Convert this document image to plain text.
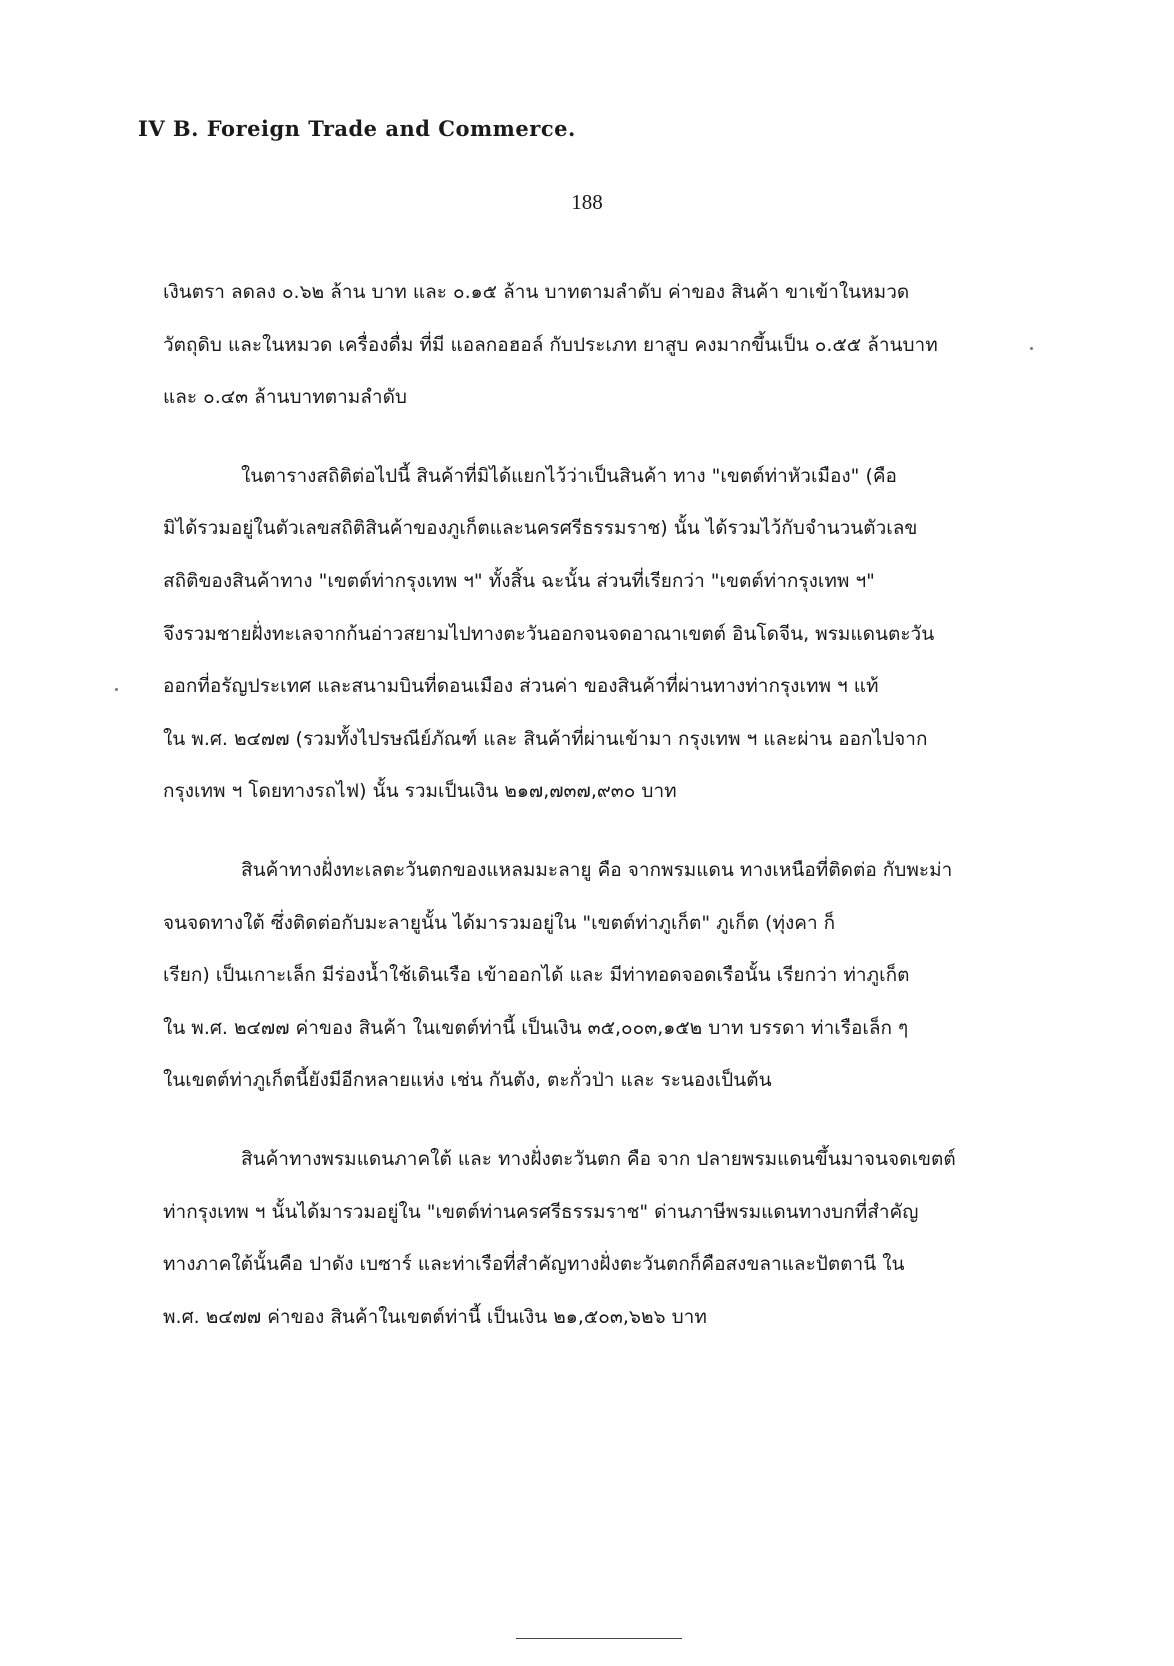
IV B. Foreign Trade and Commerce.
188

เงินตรา ลดลง ๐.๖๒ ล้าน บาท และ ๐.๑๕ ล้าน บาทตามลำดับ ค่าของ สินค้า ขาเข้าในหมวด
วัตถุดิบ และในหมวด เครื่องดื่ม ที่มี แอลกอฮอล์ กับประเภท ยาสูบ คงมากขึ้นเป็น ๐.๕๕ ล้านบาท
และ ๐.๔๓ ล้านบาทตามลำดับ

ในตารางสถิติต่อไปนี้ สินค้าที่มิได้แยกไว้ว่าเป็นสินค้า ทาง "เขตต์ท่าหัวเมือง" (คือ
มิได้รวมอยู่ในตัวเลขสถิติสินค้าของภูเก็ตและนครศรีธรรมราช) นั้น ได้รวมไว้กับจำนวนตัวเลข
สถิติของสินค้าทาง "เขตต์ท่ากรุงเทพ ฯ" ทั้งสิ้น ฉะนั้น ส่วนที่เรียกว่า "เขตต์ท่ากรุงเทพ ฯ"
จึงรวมชายฝั่งทะเลจากก้นอ่าวสยามไปทางตะวันออกจนจดอาณาเขตต์ อินโดจีน, พรมแดนตะวัน
ออกที่อรัญประเทศ และสนามบินที่ดอนเมือง ส่วนค่า ของสินค้าที่ผ่านทางท่ากรุงเทพ ฯ แท้
ใน พ.ศ. ๒๔๗๗ (รวมทั้งไปรษณีย์ภัณฑ์ และ สินค้าที่ผ่านเข้ามา กรุงเทพ ฯ และผ่าน ออกไปจาก
กรุงเทพ ฯ โดยทางรถไฟ) นั้น รวมเป็นเงิน ๒๑๗,๗๓๗,๙๓๐ บาท

สินค้าทางฝั่งทะเลตะวันตกของแหลมมะลายู คือ จากพรมแดน ทางเหนือที่ติดต่อ กับพะม่า
จนจดทางใต้ ซึ่งติดต่อกับมะลายูนั้น ได้มารวมอยู่ใน "เขตต์ท่าภูเก็ต" ภูเก็ต (ทุ่งคา ก็
เรียก) เป็นเกาะเล็ก มีร่องน้ำใช้เดินเรือ เข้าออกได้ และ มีท่าทอดจอดเรือนั้น เรียกว่า ท่าภูเก็ต
ใน พ.ศ. ๒๔๗๗ ค่าของ สินค้า ในเขตต์ท่านี้ เป็นเงิน ๓๕,๐๐๓,๑๕๒ บาท บรรดา ท่าเรือเล็ก ๆ
ในเขตต์ท่าภูเก็ตนี้ยังมีอีกหลายแห่ง เช่น กันตัง, ตะกั่วป่า และ ระนองเป็นต้น

สินค้าทางพรมแดนภาคใต้ และ ทางฝั่งตะวันตก คือ จาก ปลายพรมแดนขึ้นมาจนจดเขตต์
ท่ากรุงเทพ ฯ นั้นได้มารวมอยู่ใน "เขตต์ท่านครศรีธรรมราช" ด่านภาษีพรมแดนทางบกที่สำคัญ
ทางภาคใต้นั้นคือ ปาดัง เบซาร์ และท่าเรือที่สำคัญทางฝั่งตะวันตกก็คือสงขลาและปัตตานี ใน
พ.ศ. ๒๔๗๗ ค่าของ สินค้าในเขตต์ท่านี้ เป็นเงิน ๒๑,๕๐๓,๖๒๖ บาท
